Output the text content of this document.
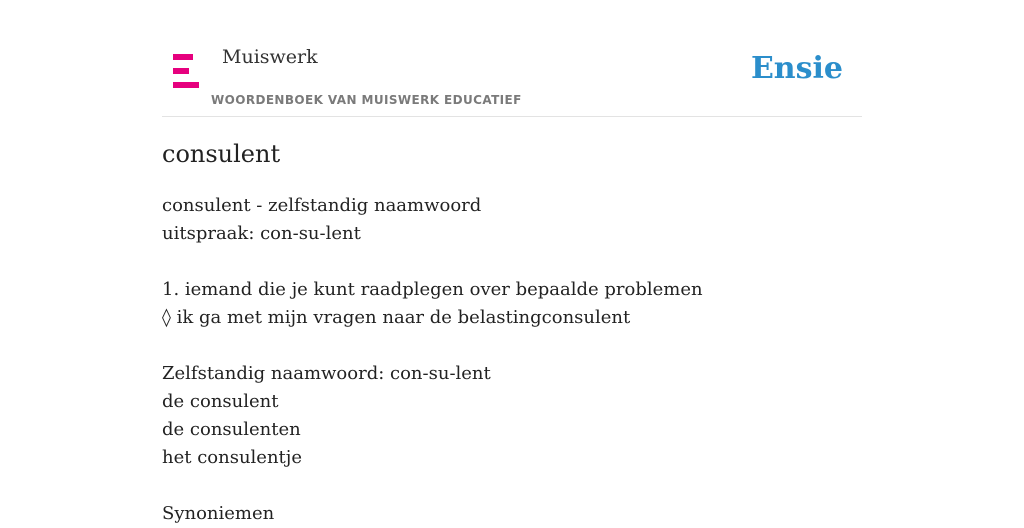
Muiswerk
WOORDENBOEK VAN MUISWERK EDUCATIEF
Ensie
consulent
consulent - zelfstandig naamwoord
uitspraak: con-su-lent
1. iemand die je kunt raadplegen over bepaalde problemen
◊ ik ga met mijn vragen naar de belastingconsulent
Zelfstandig naamwoord: con-su-lent
de consulent
de consulenten
het consulentje
Synoniemen
